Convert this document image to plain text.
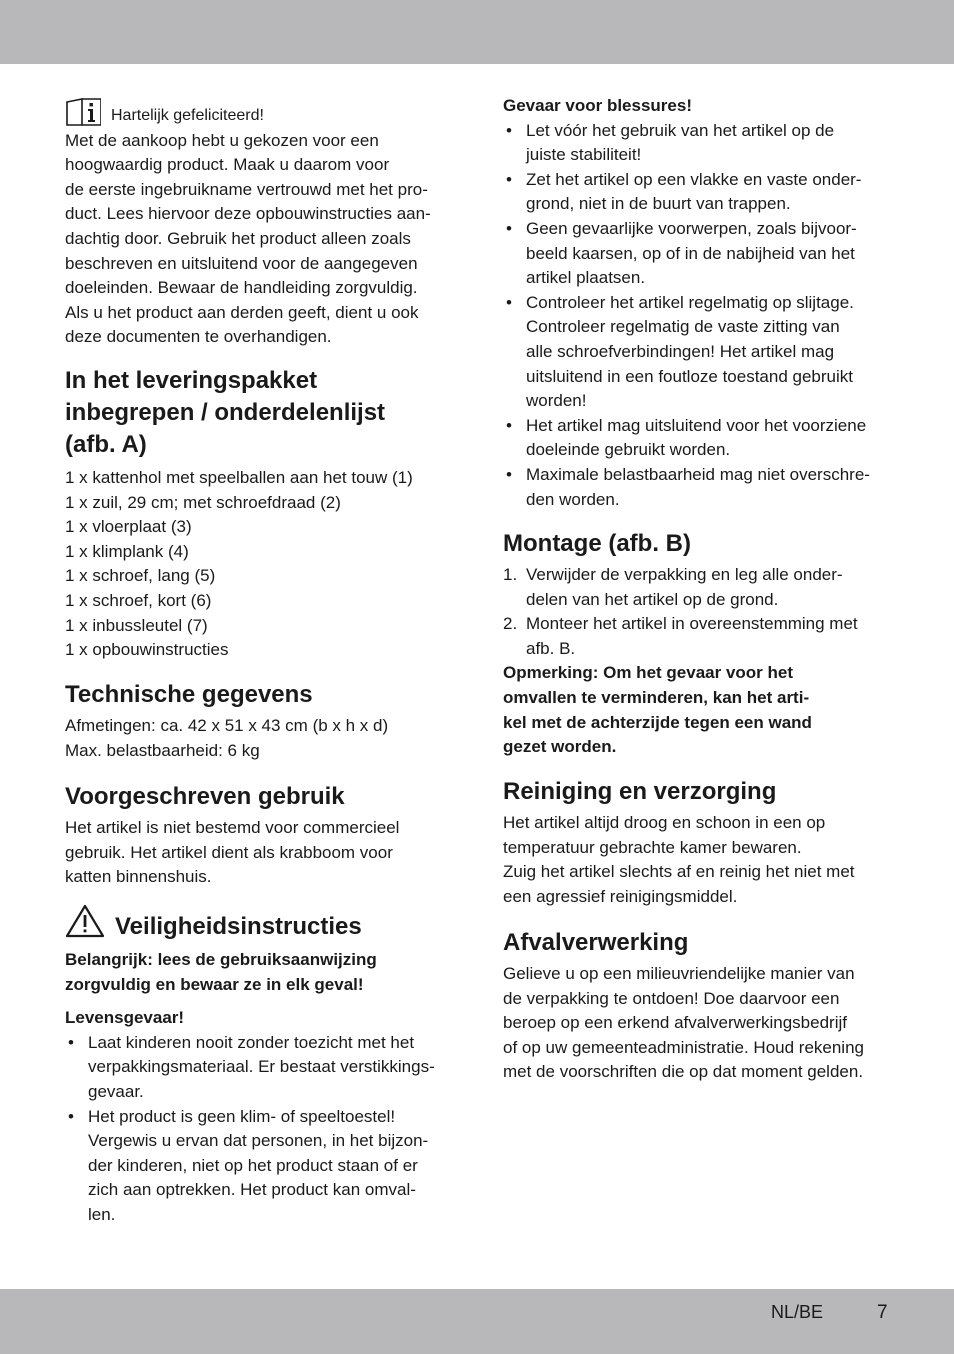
Hartelijk gefeliciteerd!

Met de aankoop hebt u gekozen voor een
hoogwaardig product. Maak u daarom voor
de eerste ingebruikname vertrouwd met het pro-
duct. Lees hiervoor deze opbouwinstructies aan-
dachtig door. Gebruik het product alleen zoals
beschreven en uitsluitend voor de aangegeven
doeleinden. Bewaar de handleiding zorgvuldig.
Als u het product aan derden geeft, dient u ook
deze documenten te overhandigen.
In het leveringspakket
inbegrepen / onderdelenlijst
(afb. A)
1 x kattenhol met speelballen aan het touw (1)
1 x zuil, 29 cm; met schroefdraad (2)
1 x vloerplaat (3)
1 x klimplank (4)
1 x schroef, lang (5)
1 x schroef, kort (6)
1 x inbussleutel (7)
1 x opbouwinstructies
Technische gegevens
Afmetingen: ca. 42 x 51 x 43 cm (b x h x d)
Max. belastbaarheid: 6 kg
Voorgeschreven gebruik
Het artikel is niet bestemd voor commercieel
gebruik. Het artikel dient als krabboom voor
katten binnenshuis.
Veiligheidsinstructies
Belangrijk: lees de gebruiksaanwijzing
zorgvuldig en bewaar ze in elk geval!

Levensgevaar!

• Laat kinderen nooit zonder toezicht met het
verpakkingsmateriaal. Er bestaat verstikkings-
gevaar.
• Het product is geen klim- of speeltoestel!
Vergewis u ervan dat personen, in het bijzon-
der kinderen, niet op het product staan of er
zich aan optrekken. Het product kan omval-
len.

Gevaar voor blessures!

• Let vóór het gebruik van het artikel op de
juiste stabiliteit!
• Zet het artikel op een vlakke en vaste onder-
grond, niet in de buurt van trappen.
• Geen gevaarlijke voorwerpen, zoals bijvoor-
beeld kaarsen, op of in de nabijheid van het
artikel plaatsen.
• Controleer het artikel regelmatig op slijtage.
Controleer regelmatig de vaste zitting van
alle schroefverbindingen! Het artikel mag
uitsluitend in een foutloze toestand gebruikt
worden!
• Het artikel mag uitsluitend voor het voorziene
doeleinde gebruikt worden.
• Maximale belastbaarheid mag niet overschre-
den worden.
Montage (afb. B)
1. Verwijder de verpakking en leg alle onder-
delen van het artikel op de grond.
2. Monteer het artikel in overeenstemming met
afb. B.
Opmerking: Om het gevaar voor het
omvallen te verminderen, kan het arti-
kel met de achterzijde tegen een wand
gezet worden.
Reiniging en verzorging
Het artikel altijd droog en schoon in een op
temperatuur gebrachte kamer bewaren.
Zuig het artikel slechts af en reinig het niet met
een agressief reinigingsmiddel.
Afvalverwerking
Gelieve u op een milieuvriendelijke manier van
de verpakking te ontdoen! Doe daarvoor een
beroep op een erkend afvalverwerkingsbedrijf
of op uw gemeenteadministratie. Houd rekening
met de voorschriften die op dat moment gelden.
NL/BE	7
